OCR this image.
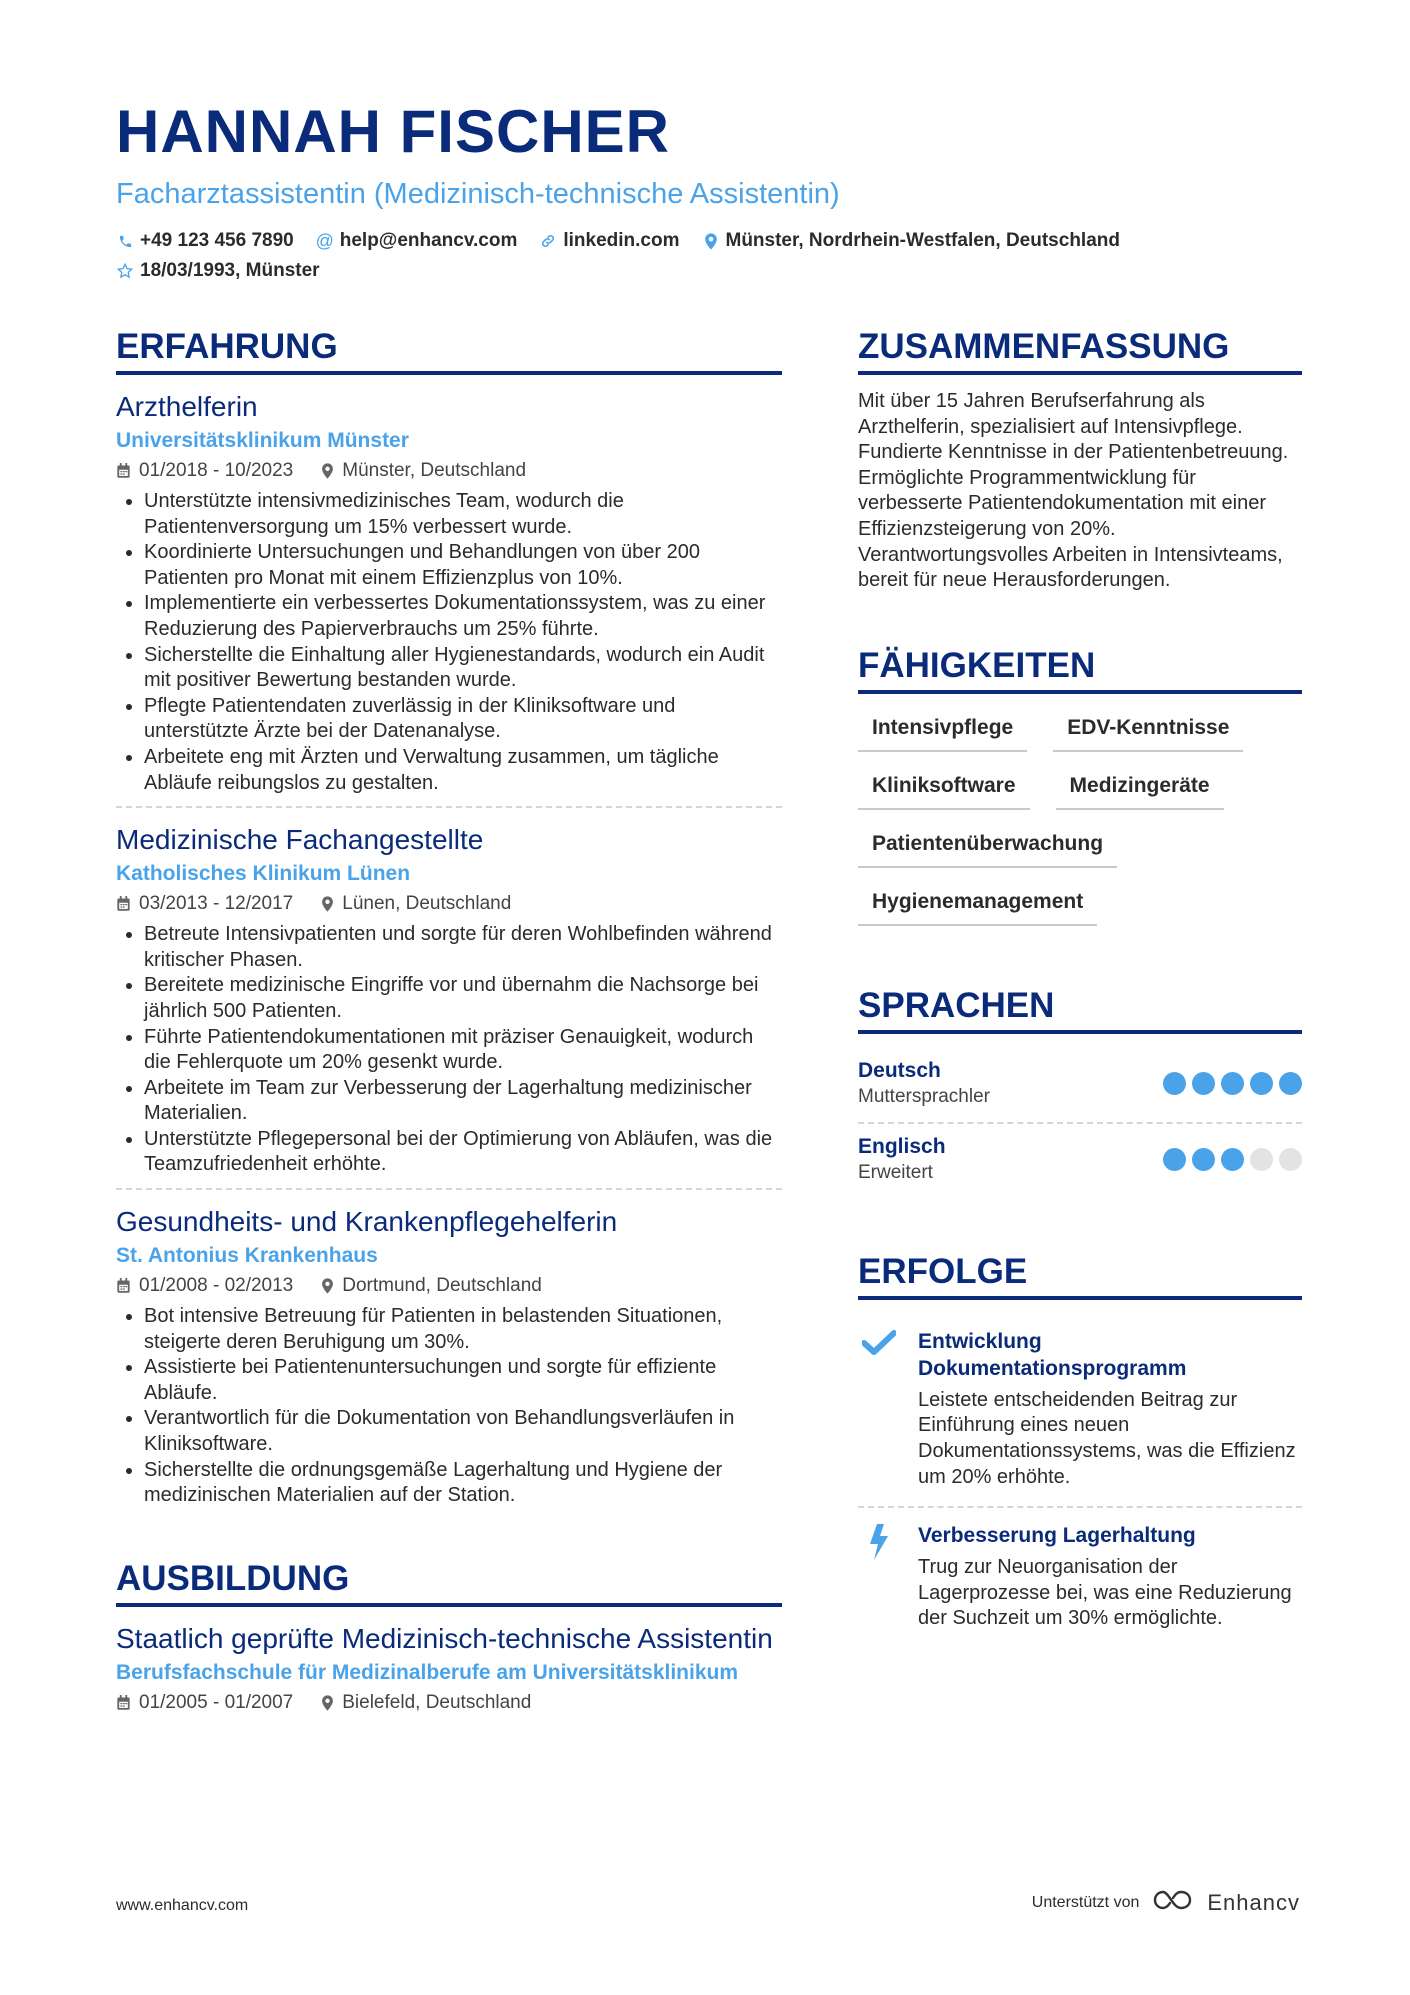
HANNAH FISCHER
Facharztassistentin (Medizinisch-technische Assistentin)
+49 123 456 7890 @ help@enhancv.com linkedin.com Münster, Nordrhein-Westfalen, Deutschland
18/03/1993, Münster
ERFAHRUNG
Arzthelferin
Universitätsklinikum Münster
01/2018 - 10/2023	Münster, Deutschland
• Unterstützte intensivmedizinisches Team, wodurch die Patientenversorgung um 15% verbessert wurde.
• Koordinierte Untersuchungen und Behandlungen von über 200 Patienten pro Monat mit einem Effizienzplus von 10%.
• Implementierte ein verbessertes Dokumentationssystem, was zu einer Reduzierung des Papierverbrauchs um 25% führte.
• Sicherstellte die Einhaltung aller Hygienestandards, wodurch ein Audit mit positiver Bewertung bestanden wurde.
• Pflegte Patientendaten zuverlässig in der Kliniksoftware und unterstützte Ärzte bei der Datenanalyse.
• Arbeitete eng mit Ärzten und Verwaltung zusammen, um tägliche Abläufe reibungslos zu gestalten.
Medizinische Fachangestellte
Katholisches Klinikum Lünen
03/2013 - 12/2017	Lünen, Deutschland
• Betreute Intensivpatienten und sorgte für deren Wohlbefinden während kritischer Phasen.
• Bereitete medizinische Eingriffe vor und übernahm die Nachsorge bei jährlich 500 Patienten.
• Führte Patientendokumentationen mit präziser Genauigkeit, wodurch die Fehlerquote um 20% gesenkt wurde.
• Arbeitete im Team zur Verbesserung der Lagerhaltung medizinischer Materialien.
• Unterstützte Pflegepersonal bei der Optimierung von Abläufen, was die Teamzufriedenheit erhöhte.
Gesundheits- und Krankenpflegehelferin
St. Antonius Krankenhaus
01/2008 - 02/2013	Dortmund, Deutschland
• Bot intensive Betreuung für Patienten in belastenden Situationen, steigerte deren Beruhigung um 30%.
• Assistierte bei Patientenuntersuchungen und sorgte für effiziente Abläufe.
• Verantwortlich für die Dokumentation von Behandlungsverläufen in Kliniksoftware.
• Sicherstellte die ordnungsgemäße Lagerhaltung und Hygiene der medizinischen Materialien auf der Station.
AUSBILDUNG
Staatlich geprüfte Medizinisch-technische Assistentin
Berufsfachschule für Medizinalberufe am Universitätsklinikum
01/2005 - 01/2007	Bielefeld, Deutschland
ZUSAMMENFASSUNG

Mit über 15 Jahren Berufserfahrung als Arzthelferin, spezialisiert auf Intensivpflege. Fundierte Kenntnisse in der Patientenbetreuung. Ermöglichte Programmentwicklung für verbesserte Patientendokumentation mit einer Effizienzsteigerung von 20%. Verantwortungsvolles Arbeiten in Intensivteams, bereit für neue Herausforderungen.

FÄHIGKEITEN
Intensivpflege	EDV-Kenntnisse
Kliniksoftware	Medizingeräte
Patientenüberwachung
Hygienemanagement
SPRACHEN
Deutsch
Muttersprachler
Englisch
Erweitert
ERFOLGE
Entwicklung Dokumentationsprogramm
Leistete entscheidenden Beitrag zur Einführung eines neuen Dokumentationssystems, was die Effizienz um 20% erhöhte.
Verbesserung Lagerhaltung
Trug zur Neuorganisation der Lagerprozesse bei, was eine Reduzierung der Suchzeit um 30% ermöglichte.
www.enhancv.com	Unterstützt von	Enhancv
